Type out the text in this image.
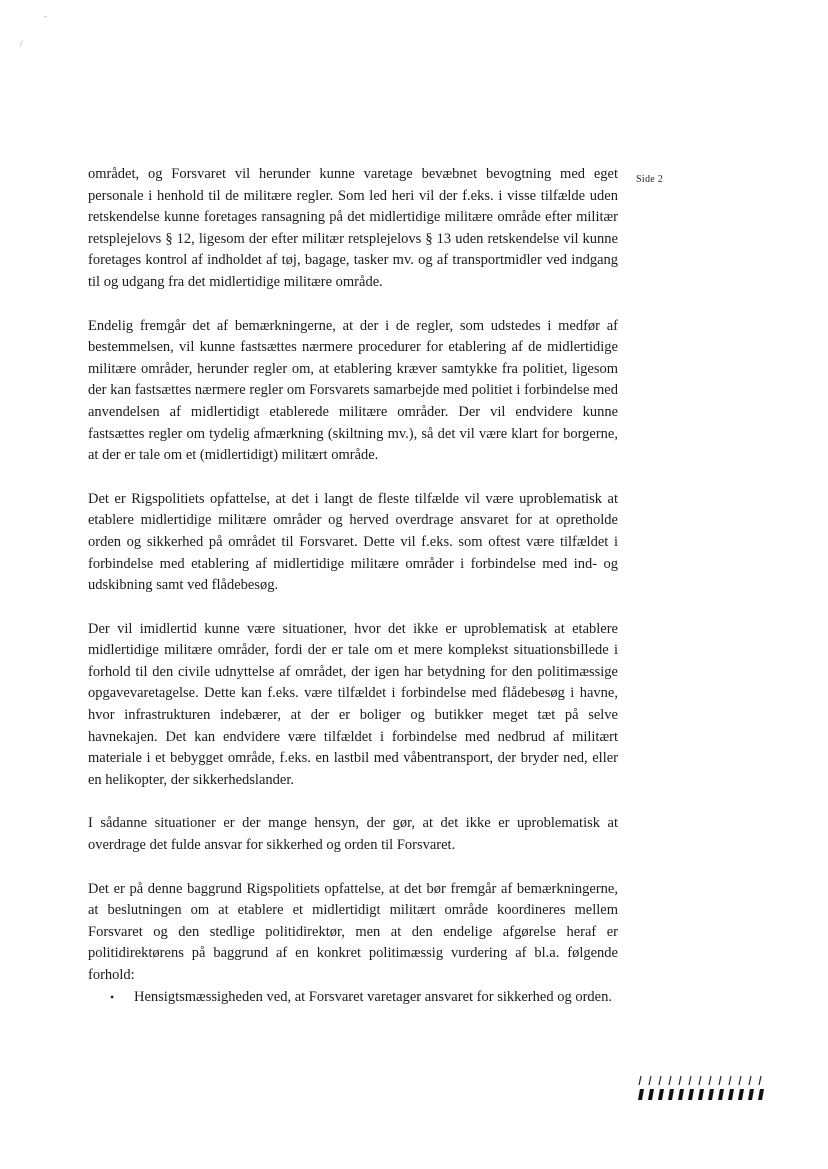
-
/
Side 2

området, og Forsvaret vil herunder kunne varetage bevæbnet bevogtning med eget personale i henhold til de militære regler. Som led heri vil der f.eks. i visse tilfælde uden retskendelse kunne foretages ransagning på det midlertidige militære område efter militær retsplejelovs § 12, ligesom der efter militær retsplejelovs § 13 uden retskendelse vil kunne foretages kontrol af indholdet af tøj, bagage, tasker mv. og af transportmidler ved indgang til og udgang fra det midlertidige militære område.

Endelig fremgår det af bemærkningerne, at der i de regler, som udstedes i medfør af bestemmelsen, vil kunne fastsættes nærmere procedurer for etablering af de midlertidige militære områder, herunder regler om, at etablering kræver samtykke fra politiet, ligesom der kan fastsættes nærmere regler om Forsvarets samarbejde med politiet i forbindelse med anvendelsen af midlertidigt etablerede militære områder. Der vil endvidere kunne fastsættes regler om tydelig afmærkning (skiltning mv.), så det vil være klart for borgerne, at der er tale om et (midlertidigt) militært område.

Det er Rigspolitiets opfattelse, at det i langt de fleste tilfælde vil være uproblematisk at etablere midlertidige militære områder og herved overdrage ansvaret for at opretholde orden og sikkerhed på området til Forsvaret. Dette vil f.eks. som oftest være tilfældet i forbindelse med etablering af midlertidige militære områder i forbindelse med ind- og udskibning samt ved flådebesøg.

Der vil imidlertid kunne være situationer, hvor det ikke er uproblematisk at etablere midlertidige militære områder, fordi der er tale om et mere komplekst situationsbillede i forhold til den civile udnyttelse af området, der igen har betydning for den politimæssige opgavevaretagelse. Dette kan f.eks. være tilfældet i forbindelse med flådebesøg i havne, hvor infrastrukturen indebærer, at der er boliger og butikker meget tæt på selve havnekajen. Det kan endvidere være tilfældet i forbindelse med nedbrud af militært materiale i et bebygget område, f.eks. en lastbil med våbentransport, der bryder ned, eller en helikopter, der sikkerhedslander.

I sådanne situationer er der mange hensyn, der gør, at det ikke er uproblematisk at overdrage det fulde ansvar for sikkerhed og orden til Forsvaret.

Det er på denne baggrund Rigspolitiets opfattelse, at det bør fremgår af bemærkningerne, at beslutningen om at etablere et midlertidigt militært område koordineres mellem Forsvaret og den stedlige politidirektør, men at den endelige afgørelse heraf er politidirektørens på baggrund af en konkret politimæssig vurdering af bl.a. følgende forhold:

• Hensigtsmæssigheden ved, at Forsvaret varetager ansvaret for sikkerhed og orden.
